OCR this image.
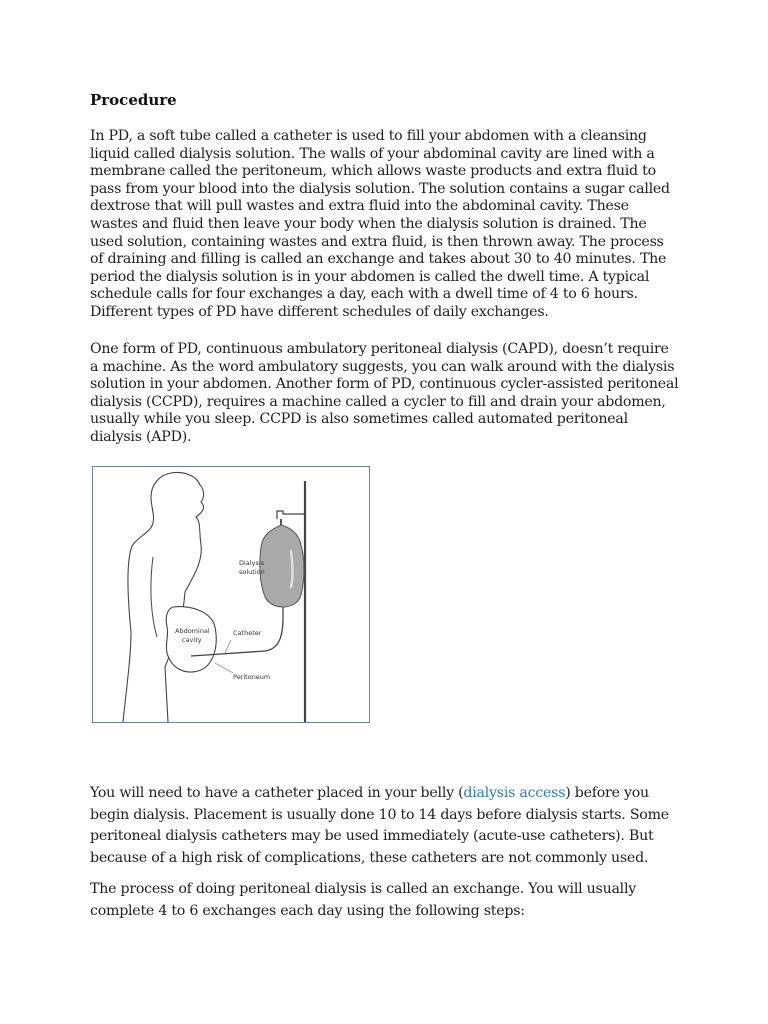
Procedure

In PD, a soft tube called a catheter is used to fill your abdomen with a cleansing liquid called dialysis solution. The walls of your abdominal cavity are lined with a membrane called the peritoneum, which allows waste products and extra fluid to pass from your blood into the dialysis solution. The solution contains a sugar called dextrose that will pull wastes and extra fluid into the abdominal cavity. These wastes and fluid then leave your body when the dialysis solution is drained. The used solution, containing wastes and extra fluid, is then thrown away. The process of draining and filling is called an exchange and takes about 30 to 40 minutes. The period the dialysis solution is in your abdomen is called the dwell time. A typical schedule calls for four exchanges a day, each with a dwell time of 4 to 6 hours. Different types of PD have different schedules of daily exchanges.

One form of PD, continuous ambulatory peritoneal dialysis (CAPD), doesn’t require a machine. As the word ambulatory suggests, you can walk around with the dialysis solution in your abdomen. Another form of PD, continuous cycler-assisted peritoneal dialysis (CCPD), requires a machine called a cycler to fill and drain your abdomen, usually while you sleep. CCPD is also sometimes called automated peritoneal dialysis (APD).

Dialysis
solution
Abdominal
cavity
Catheter
Peritoneum

You will need to have a catheter placed in your belly (dialysis access) before you begin dialysis. Placement is usually done 10 to 14 days before dialysis starts. Some peritoneal dialysis catheters may be used immediately (acute-use catheters). But because of a high risk of complications, these catheters are not commonly used.

The process of doing peritoneal dialysis is called an exchange. You will usually complete 4 to 6 exchanges each day using the following steps:
